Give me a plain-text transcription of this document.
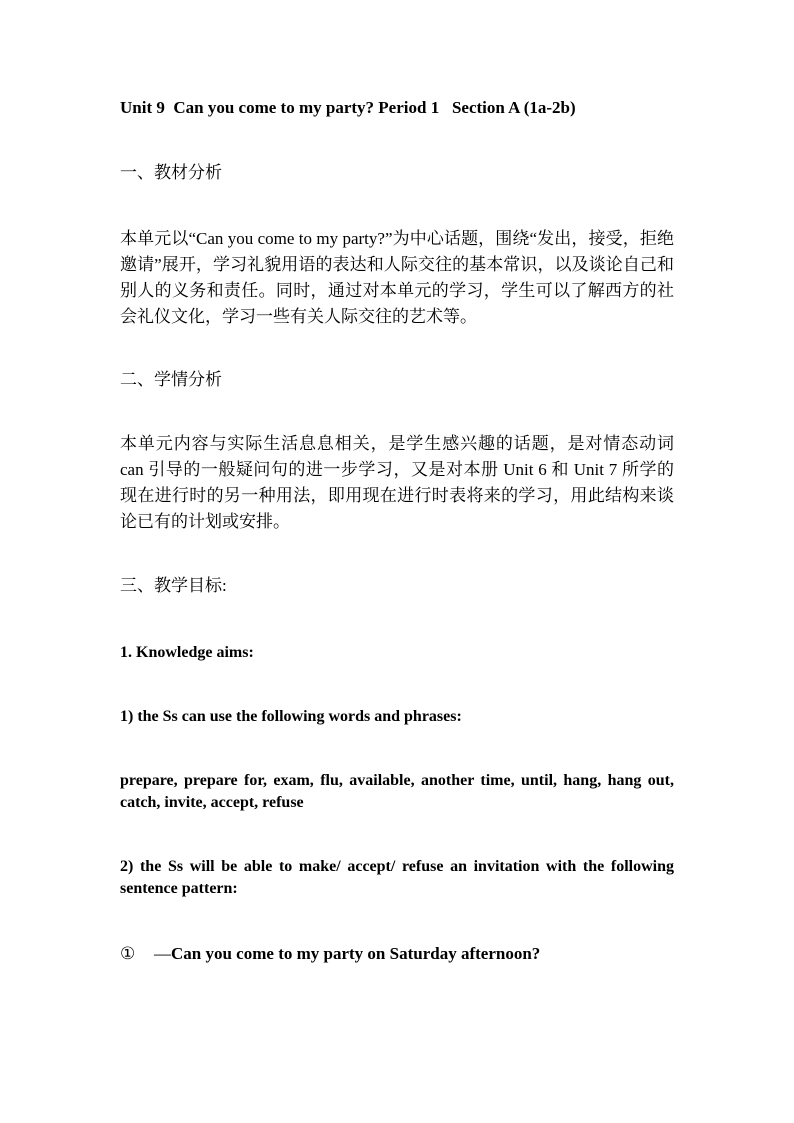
Unit 9  Can you come to my party? Period 1   Section A (1a-2b)

一、教材分析

本单元以“Can you come to my party?”为中心话题，围绕“发出，接受，拒绝邀请”展开，学习礼貌用语的表达和人际交往的基本常识，以及谈论自己和别人的义务和责任。同时，通过对本单元的学习，学生可以了解西方的社会礼仪文化，学习一些有关人际交往的艺术等。

二、学情分析

本单元内容与实际生活息息相关，是学生感兴趣的话题，是对情态动词 can 引导的一般疑问句的进一步学习，又是对本册 Unit 6 和 Unit 7 所学的现在进行时的另一种用法，即用现在进行时表将来的学习，用此结构来谈论已有的计划或安排。

三、教学目标:

1. Knowledge aims:

1) the Ss can use the following words and phrases:

prepare, prepare for, exam, flu, available, another time, until, hang, hang out, catch, invite, accept, refuse

2) the Ss will be able to make/ accept/ refuse an invitation with the following sentence pattern:

① —Can you come to my party on Saturday afternoon?
